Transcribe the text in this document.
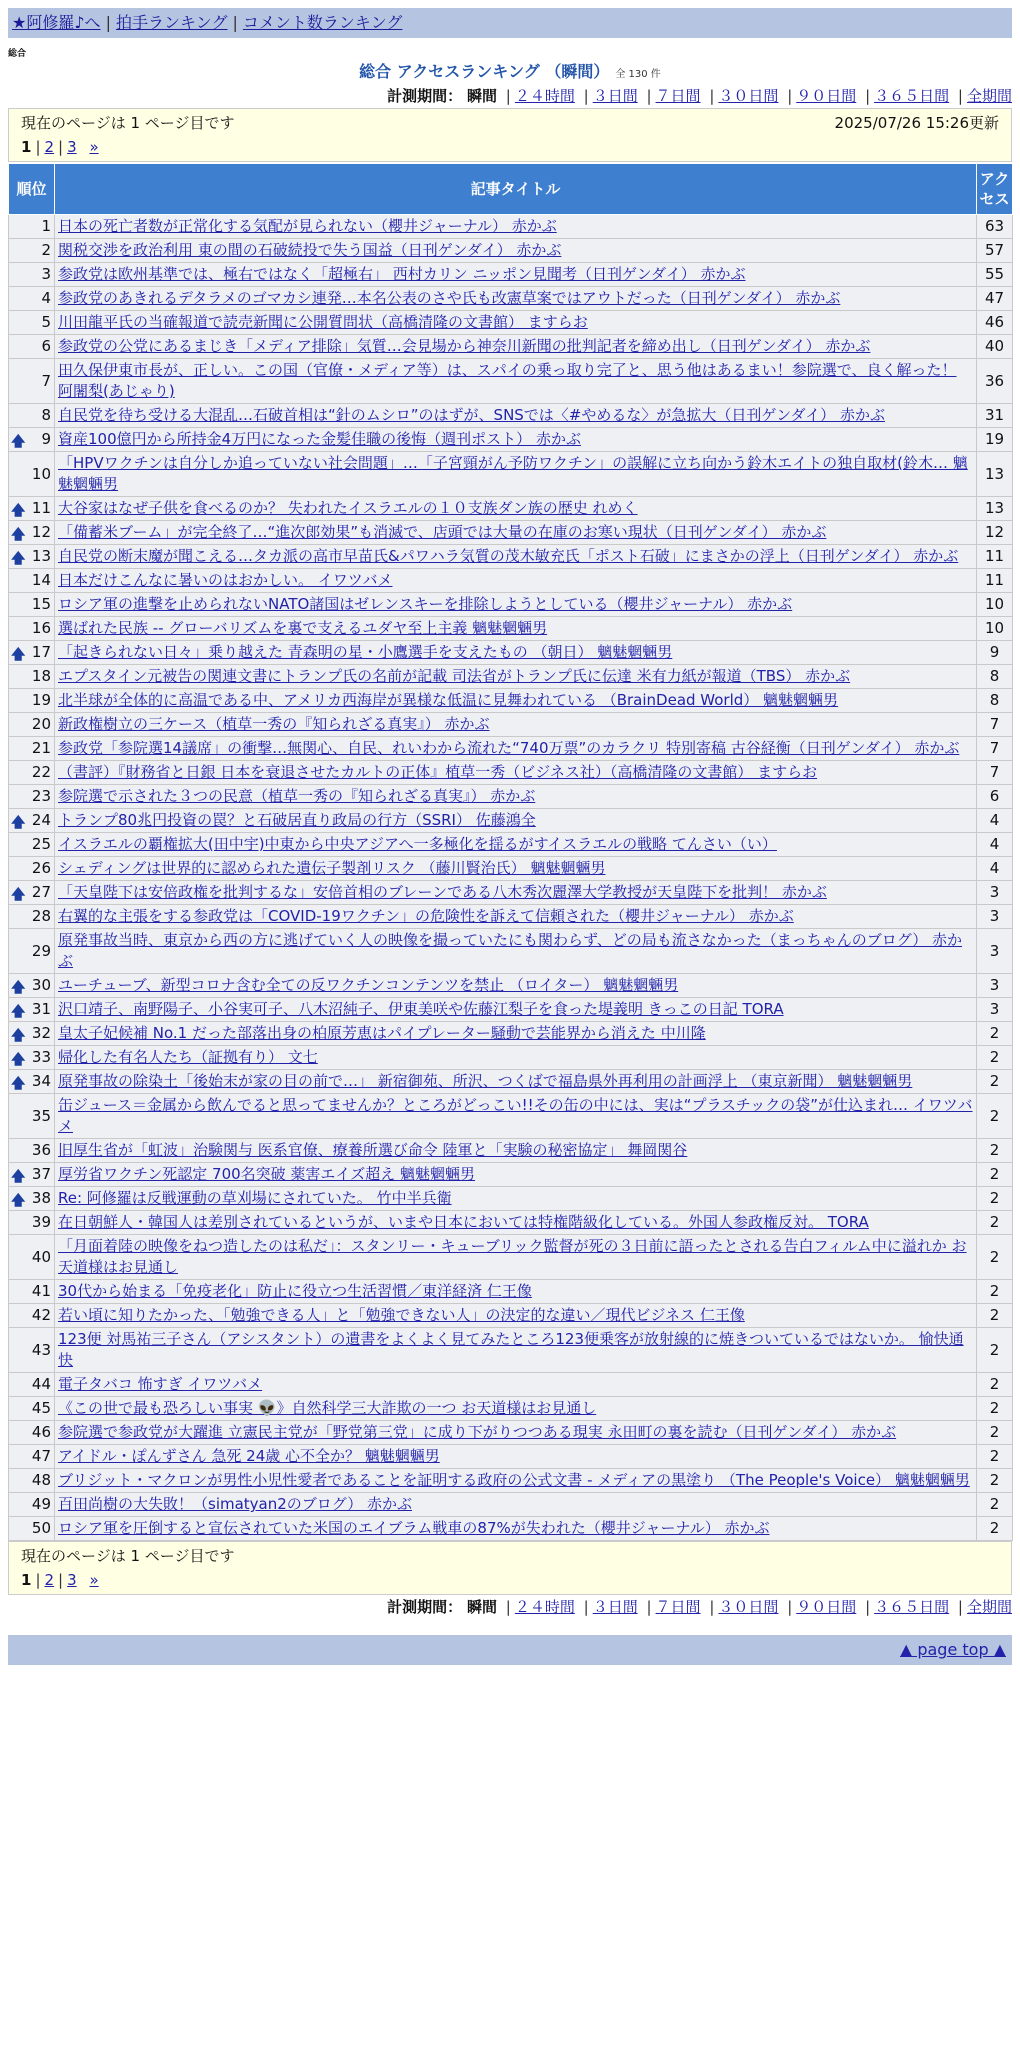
★阿修羅♪へ | 拍手ランキング | コメント数ランキング
総合
総合 アクセスランキング （瞬間） 全 130 件
計測期間： 瞬間 | ２４時間 | ３日間 | ７日間 | ３０日間 | ９０日間 | ３６５日間 | 全期間
現在のページは 1 ページ目です	2025/07/26 15:26更新
1 | 2 | 3 »
順位	記事タイトル	アクセス
1	日本の死亡者数が正常化する気配が見られない（櫻井ジャーナル） 赤かぶ	63
2	関税交渉を政治利用 東の間の石破続投で失う国益（日刊ゲンダイ） 赤かぶ	57
3	参政党は欧州基準では、極右ではなく「超極右」 西村カリン ニッポン見聞考（日刊ゲンダイ） 赤かぶ	55
4	参政党のあきれるデタラメのゴマカシ連発…本名公表のさや氏も改憲草案ではアウトだった（日刊ゲンダイ） 赤かぶ	47
5	川田龍平氏の当確報道で読売新聞に公開質問状（高橋清隆の文書館） ますらお	46
6	参政党の公党にあるまじき「メディア排除」気質…会見場から神奈川新聞の批判記者を締め出し（日刊ゲンダイ） 赤かぶ	40
7	田久保伊東市長が、正しい。この国（官僚・メディア等）は、スパイの乗っ取り完了と、思う他はあるまい！参院選で、良く解った！ 阿闍梨(あじゃり)	36
8	自民党を待ち受ける大混乱…石破首相は“針のムシロ”のはずが、SNSでは〈#やめるな〉が急拡大（日刊ゲンダイ） 赤かぶ	31

🡅 9	資産100億円から所持金4万円になった金髪佳職の後悔（週刊ポスト） 赤かぶ	19
10	「HPVワクチンは自分しか追っていない社会問題」…「子宮頸がん予防ワクチン」の誤解に立ち向かう鈴木エイトの独自取材(鈴木… 魑魅魍魎男	13

🡅 11	大谷家はなぜ子供を食べるのか？ 失われたイスラエルの１０支族ダン族の歴史 れめく	13

🡅 12	「備蓄米ブーム」が完全終了…“進次郎効果”も消滅で、店頭では大量の在庫のお寒い現状（日刊ゲンダイ） 赤かぶ	12

🡅 13	自民党の断末魔が聞こえる…タカ派の高市早苗氏&パワハラ気質の茂木敏充氏「ポスト石破」にまさかの浮上（日刊ゲンダイ） 赤かぶ	11
14	日本だけこんなに暑いのはおかしい。 イワツバメ	11
15	ロシア軍の進撃を止められないNATO諸国はゼレンスキーを排除しようとしている（櫻井ジャーナル） 赤かぶ	10
16	選ばれた民族 -- グローバリズムを裏で支えるユダヤ至上主義 魑魅魍魎男	10

🡅 17	「起きられない日々」乗り越えた 青森明の星・小鷹選手を支えたもの （朝日） 魑魅魍魎男	9
18	エプスタイン元被告の関連文書にトランプ氏の名前が記載 司法省がトランプ氏に伝達 米有力紙が報道（TBS） 赤かぶ	8
19	北半球が全体的に高温である中、アメリカ西海岸が異様な低温に見舞われている （BrainDead World） 魑魅魍魎男	8
20	新政権樹立の三ケース（植草一秀の『知られざる真実』） 赤かぶ	7
21	参政党「参院選14議席」の衝撃…無関心、自民、れいわから流れた“740万票”のカラクリ 特別寄稿 古谷経衡（日刊ゲンダイ） 赤かぶ	7
22	（書評）『財務省と日銀 日本を衰退させたカルトの正体』植草一秀（ビジネス社）（高橋清隆の文書館） ますらお	7
23	参院選で示された３つの民意（植草一秀の『知られざる真実』） 赤かぶ	6

🡅 24	トランプ80兆円投資の罠？と石破居直り政局の行方（SSRI） 佐藤鴻全	4
25	イスラエルの覇権拡大(田中宇)中東から中央アジアへ一多極化を揺るがすイスラエルの戦略 てんさい（い）	4
26	シェディングは世界的に認められた遺伝子製剤リスク （藤川賢治氏） 魑魅魍魎男	4

🡅 27	「天皇陛下は安倍政権を批判するな」安倍首相のブレーンである八木秀次麗澤大学教授が天皇陛下を批判！ 赤かぶ	3
28	右翼的な主張をする参政党は「COVID-19ワクチン」の危険性を訴えて信頼された（櫻井ジャーナル） 赤かぶ	3
29	原発事故当時、東京から西の方に逃げていく人の映像を撮っていたにも関わらず、どの局も流さなかった（まっちゃんのブログ） 赤かぶ	3

🡅 30	ユーチューブ、新型コロナ含む全ての反ワクチンコンテンツを禁止 （ロイター） 魑魅魍魎男	3

🡅 31	沢口靖子、南野陽子、小谷実可子、八木沼純子、伊東美咲や佐藤江梨子を食った堤義明 きっこの日記 TORA	3

🡅 32	皇太子妃候補 No.1 だった部落出身の柏原芳恵はパイプレーター騒動で芸能界から消えた 中川隆	2

🡅 33	帰化した有名人たち（証拠有り） 文七	2

🡅 34	原発事故の除染土「後始末が家の目の前で…」 新宿御苑、所沢、つくばで福島県外再利用の計画浮上 （東京新聞） 魑魅魍魎男	2
35	缶ジュース＝金属から飲んでると思ってませんか？ところがどっこい!!その缶の中には、実は“プラスチックの袋”が仕込まれ… イワツバメ	2
36	旧厚生省が「虹波」治験関与 医系官僚、療養所選び命令 陸軍と「実験の秘密協定」 舞岡関谷	2

🡅 37	厚労省ワクチン死認定 700名突破 薬害エイズ超え 魑魅魍魎男	2

🡅 38	Re: 阿修羅は反戦運動の草刈場にされていた。 竹中半兵衛	2
39	在日朝鮮人・韓国人は差別されているというが、いまや日本においては特権階級化している。外国人参政権反対。 TORA	2
40	「月面着陸の映像をねつ造したのは私だ」：スタンリー・キューブリック監督が死の３日前に語ったとされる告白フィルム中に溢れか お天道様はお見通し	2
41	30代から始まる「免疫老化」防止に役立つ生活習慣／東洋経済 仁王像	2
42	若い頃に知りたかった、「勉強できる人」と「勉強できない人」の決定的な違い／現代ビジネス 仁王像	2
43	123便 対馬祐三子さん（アシスタント）の遺書をよくよく見てみたところ123便乗客が放射線的に焼きついているではないか。 愉快通快	2
44	電子タバコ 怖すぎ イワツバメ	2
45	《この世で最も恐ろしい事実 👽》自然科学三大詐欺の一つ お天道様はお見通し	2
46	参院選で参政党が大躍進 立憲民主党が「野党第三党」に成り下がりつつある現実 永田町の裏を読む（日刊ゲンダイ） 赤かぶ	2
47	アイドル・ぽんずさん 急死 24歳 心不全か？ 魑魅魍魎男	2
48	ブリジット・マクロンが男性小児性愛者であることを証明する政府の公式文書 - メディアの黒塗り （The People's Voice） 魑魅魍魎男	2
49	百田尚樹の大失敗！（simatyan2のブログ） 赤かぶ	2
50	ロシア軍を圧倒すると宣伝されていた米国のエイブラム戦車の87%が失われた（櫻井ジャーナル） 赤かぶ	2
現在のページは 1 ページ目です
1 | 2 | 3 »
計測期間： 瞬間 | ２４時間 | ３日間 | ７日間 | ３０日間 | ９０日間 | ３６５日間 | 全期間
▲ page top ▲
